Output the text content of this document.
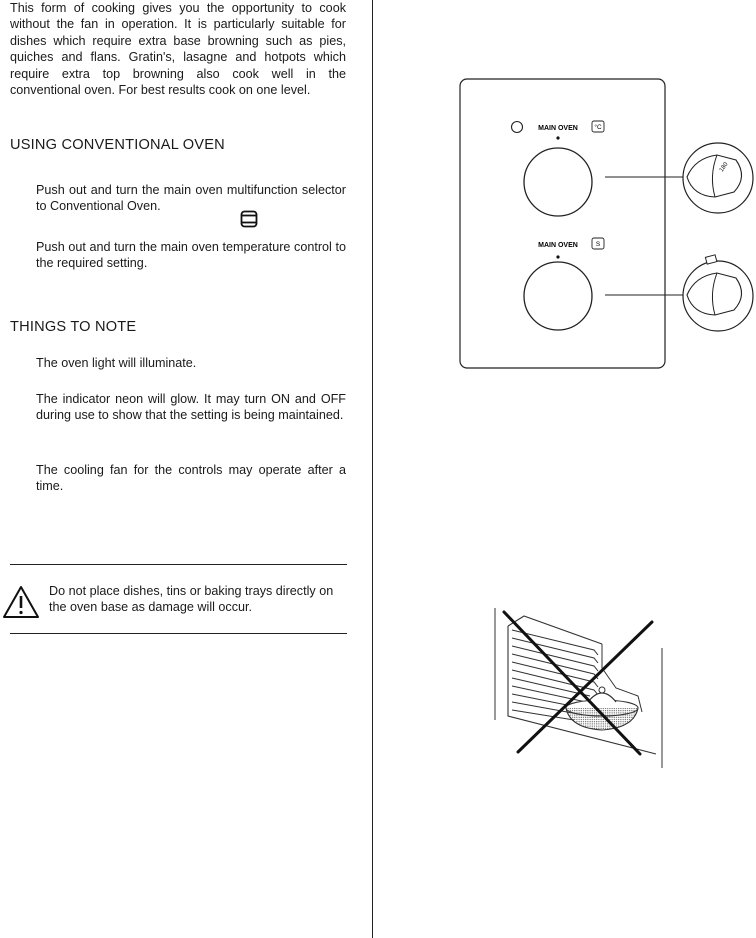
This form of cooking gives you the opportunity to cook without the fan in operation. It is particularly suitable for dishes which require extra base browning such as pies, quiches and flans. Gratin's, lasagne and hotpots which require extra top browning also cook well in the conventional oven. For best results cook on one level.

USING CONVENTIONAL OVEN

Push out and turn the main oven multifunction selector to Conventional Oven.

Push out and turn the main oven temperature control to the required setting.

THINGS TO NOTE

The oven light will illuminate.

The indicator neon will glow. It may turn ON and OFF during use to show that the setting is being maintained.

The cooling fan for the controls may operate after a time.

Do not place dishes, tins or baking trays directly on the oven base as damage will occur.

MAIN OVEN	°C
180
MAIN OVEN	S
